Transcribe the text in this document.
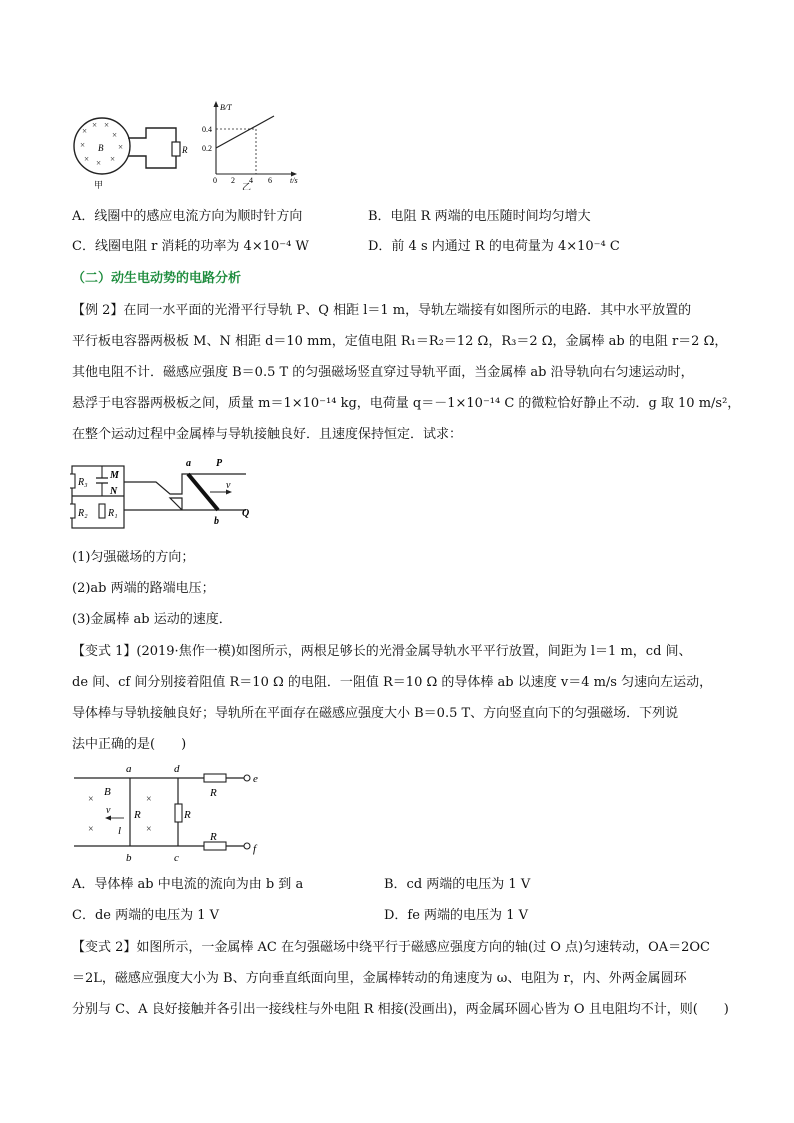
×
× ×
×
×
×
× × ×
B	R
甲
B/T
t/s
0.4
0.2
0 2 4 6
乙
A．线圈中的感应电流方向为顺时针方向	B．电阻 R 两端的电压随时间均匀增大
C．线圈电阻 r 消耗的功率为 4×10⁻⁴ W	D．前 4 s 内通过 R 的电荷量为 4×10⁻⁴ C
（二）动生电动势的电路分析
【例 2】在同一水平面的光滑平行导轨 P、Q 相距 l＝1 m，导轨左端接有如图所示的电路．其中水平放置的
平行板电容器两极板 M、N 相距 d＝10 mm，定值电阻 R₁＝R₂＝12 Ω，R₃＝2 Ω，金属棒 ab 的电阻 r＝2 Ω，
其他电阻不计．磁感应强度 B＝0.5 T 的匀强磁场竖直穿过导轨平面，当金属棒 ab 沿导轨向右匀速运动时，
悬浮于电容器两极板之间，质量 m＝1×10⁻¹⁴ kg，电荷量 q＝－1×10⁻¹⁴ C 的微粒恰好静止不动．g 取 10 m/s²，
在整个运动过程中金属棒与导轨接触良好．且速度保持恒定．试求：
R₃
M
N
R₂ R₁
a	P
v
b
Q
(1)匀强磁场的方向；
(2)ab 两端的路端电压；
(3)金属棒 ab 运动的速度．
【变式 1】(2019·焦作一模)如图所示，两根足够长的光滑金属导轨水平平行放置，间距为 l＝1 m，cd 间、
de 间、cf 间分别接着阻值 R＝10 Ω 的电阻．一阻值 R＝10 Ω 的导体棒 ab 以速度 v＝4 m/s 匀速向左运动，
导体棒与导轨接触良好；导轨所在平面存在磁感应强度大小 B＝0.5 T、方向竖直向下的匀强磁场．下列说
法中正确的是(　　)
×	×
×	×
B
v
l
R	R
R
R
a	d
b	c
e
f
A．导体棒 ab 中电流的流向为由 b 到 a	B．cd 两端的电压为 1 V
C．de 两端的电压为 1 V	D．fe 两端的电压为 1 V
【变式 2】如图所示，一金属棒 AC 在匀强磁场中绕平行于磁感应强度方向的轴(过 O 点)匀速转动，OA＝2OC
＝2L，磁感应强度大小为 B、方向垂直纸面向里，金属棒转动的角速度为 ω、电阻为 r，内、外两金属圆环
分别与 C、A 良好接触并各引出一接线柱与外电阻 R 相接(没画出)，两金属环圆心皆为 O 且电阻均不计，则(　　)
